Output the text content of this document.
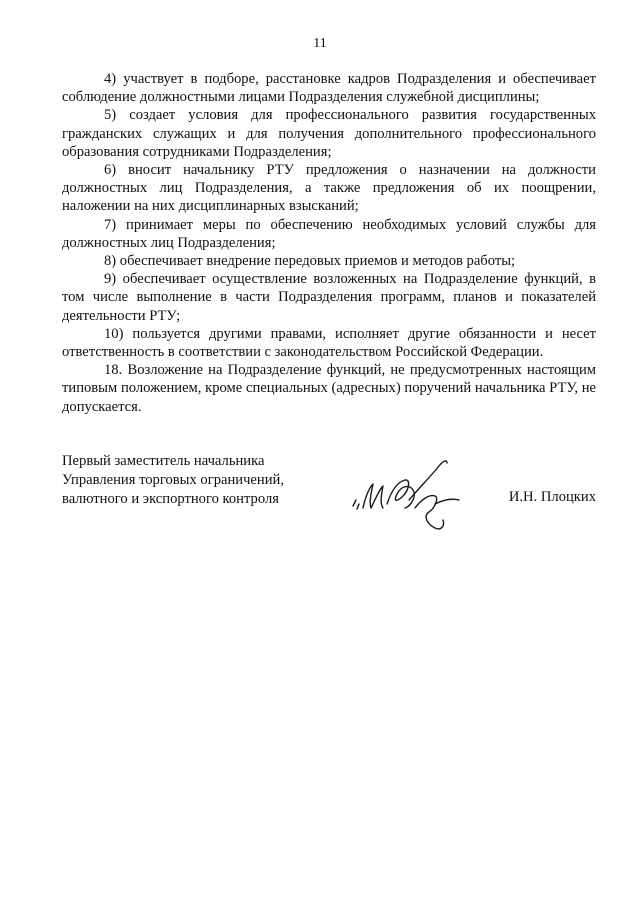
11

4) участвует в подборе, расстановке кадров Подразделения и обеспечивает соблюдение должностными лицами Подразделения служебной дисциплины;

5) создает условия для профессионального развития государственных гражданских служащих и для получения дополнительного профессионального образования сотрудниками Подразделения;

6) вносит начальнику РТУ предложения о назначении на должности должностных лиц Подразделения, а также предложения об их поощрении, наложении на них дисциплинарных взысканий;

7) принимает меры по обеспечению необходимых условий службы для должностных лиц Подразделения;

8) обеспечивает внедрение передовых приемов и методов работы;

9) обеспечивает осуществление возложенных на Подразделение функций, в том числе выполнение в части Подразделения программ, планов и показателей деятельности РТУ;

10) пользуется другими правами, исполняет другие обязанности и несет ответственность в соответствии с законодательством Российской Федерации.

18. Возложение на Подразделение функций, не предусмотренных настоящим типовым положением, кроме специальных (адресных) поручений начальника РТУ, не допускается.

Первый заместитель начальника
Управления торговых ограничений,
валютного и экспортного контроля	И.Н. Плоцких
